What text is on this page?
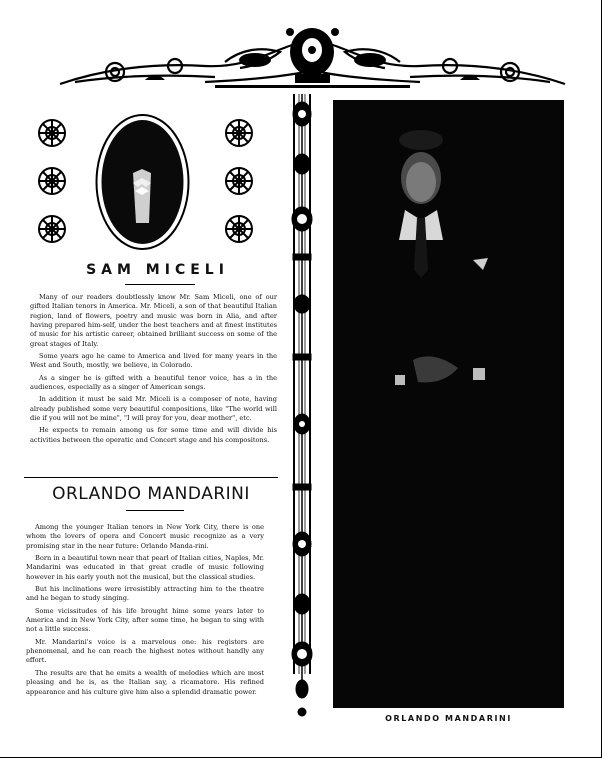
SAM MICELI

Many of our readers doubtlessly know Mr. Sam Miceli, one of our gifted Italian tenors in America. Mr. Miceli, a son of that beautiful Italian region, land of flowers, poetry and music was born in Alia, and after having prepared him-self, under the best teachers and at finest institutes of music for his artistic career, obtained brilliant success on some of the great stages of Italy.

Some years ago he came to America and lived for many years in the West and South, mostly, we believe, in Colorado.

As a singer he is gifted with a beautiful tenor voice, has a in the audiences, especially as a singer of American songs.

In addition it must be said Mr. Miceli is a composer of note, having already published some very beautiful compositions, like "The world will die if you will not be mine", "I will pray for you, dear mother", etc.

He expects to remain among us for some time and will divide his activities between the operatic and Concert stage and his compositons.

ORLANDO MANDARINI

Among the younger Italian tenors in New York City, there is one whom the lovers of opera and Concert music recognize as a very promising star in the near future: Orlando Manda-rini.

Born in a beautiful town near that pearl of Italian cities, Naples, Mr. Mandarini was educated in that great cradle of music following however in his early youth not the musical, but the classical studies.

But his inclinations were irresistibly attracting him to the theatre and he began to study singing.

Some vicissitudes of his life brought hime some years later to America and in New York City, after some time, he began to sing with not a little success.

Mr. Mandarini's voice is a marvelous one: his registers are phenomenal, and he can reach the highest notes without handly any effort.

The results are that he emits a wealth of melodies which are most pleasing and he is, as the Italian say, a ricamatore. His refined appearance and his culture give him also a splendid dramatic power.

ORLANDO MANDARINI
